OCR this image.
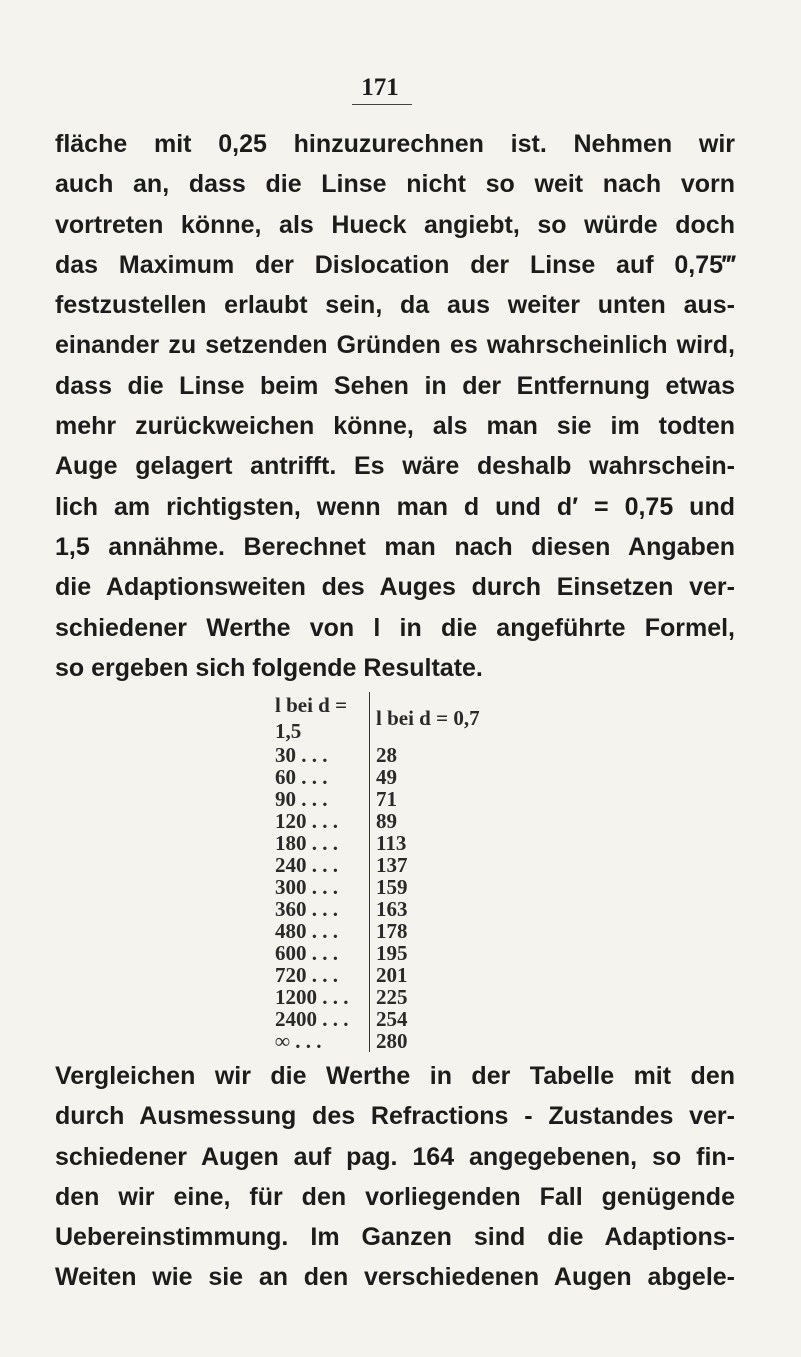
171
fläche mit 0,25 hinzuzurechnen ist. Nehmen wir
auch an, dass die Linse nicht so weit nach vorn
vortreten könne, als Hueck angiebt, so würde doch
das Maximum der Dislocation der Linse auf 0,75‴
festzustellen erlaubt sein, da aus weiter unten aus-
einander zu setzenden Gründen es wahrscheinlich wird,
dass die Linse beim Sehen in der Entfernung etwas
mehr zurückweichen könne, als man sie im todten
Auge gelagert antrifft. Es wäre deshalb wahrschein-
lich am richtigsten, wenn man d und d′ = 0,75 und
1,5 annähme. Berechnet man nach diesen Angaben
die Adaptionsweiten des Auges durch Einsetzen ver-
schiedener Werthe von l in die angeführte Formel,
so ergeben sich folgende Resultate.
l bei d = 1,5	l bei d = 0,7
30 . . .	28
60 . . .	49
90 . . .	71
120 . . .	89
180 . . .	113
240 . . .	137
300 . . .	159
360 . . .	163
480 . . .	178
600 . . .	195
720 . . .	201
1200 . . .	225
2400 . . .	254
∞ . . .	280
Vergleichen wir die Werthe in der Tabelle mit den
durch Ausmessung des Refractions - Zustandes ver-
schiedener Augen auf pag. 164 angegebenen, so fin-
den wir eine, für den vorliegenden Fall genügende
Uebereinstimmung. Im Ganzen sind die Adaptions-
Weiten wie sie an den verschiedenen Augen abgele-
